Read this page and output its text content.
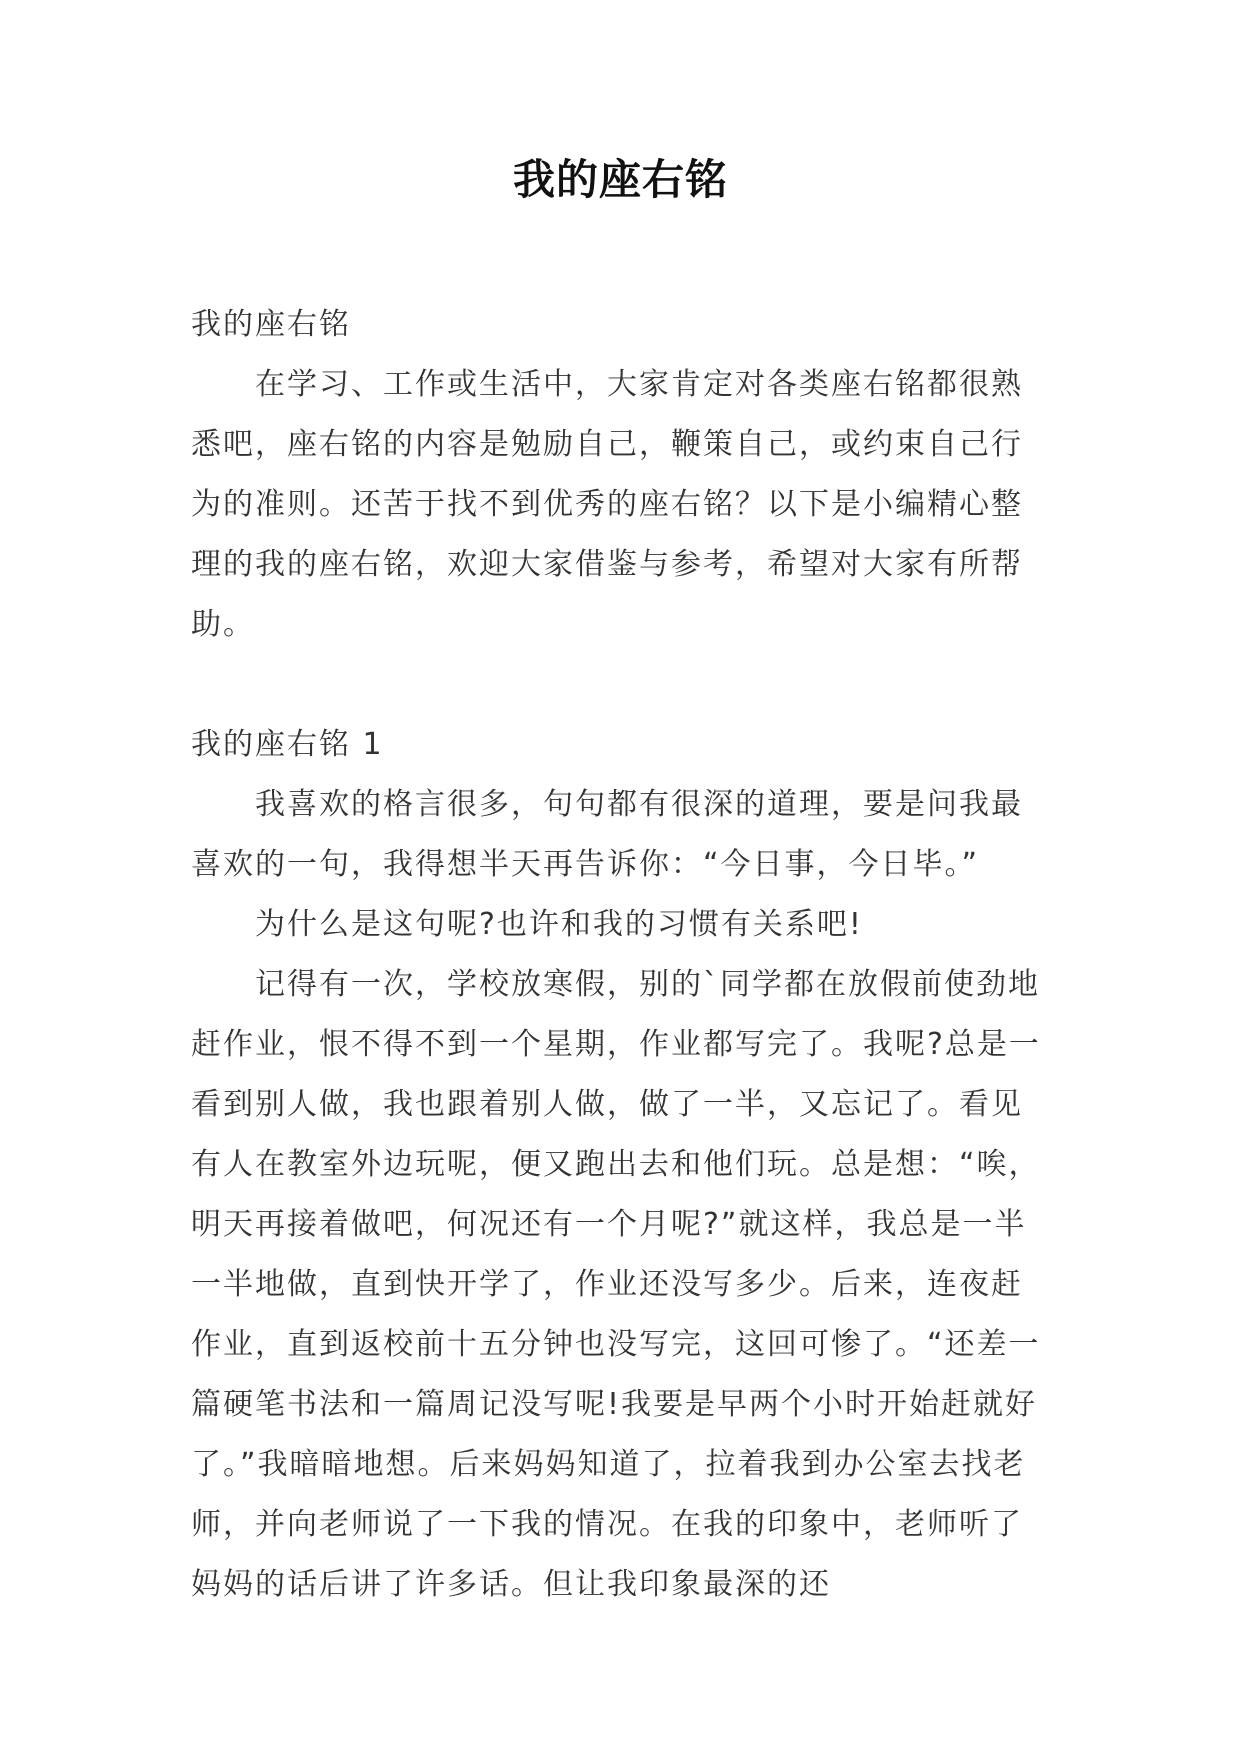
我的座右铭

我的座右铭

在学习、工作或生活中，大家肯定对各类座右铭都很熟悉吧，座右铭的内容是勉励自己，鞭策自己，或约束自己行为的准则。还苦于找不到优秀的座右铭？以下是小编精心整理的我的座右铭，欢迎大家借鉴与参考，希望对大家有所帮助。

我的座右铭 1

我喜欢的格言很多，句句都有很深的道理，要是问我最喜欢的一句，我得想半天再告诉你：“今日事，今日毕。”

为什么是这句呢?也许和我的习惯有关系吧!

记得有一次，学校放寒假，别的`同学都在放假前使劲地赶作业，恨不得不到一个星期，作业都写完了。我呢?总是一看到别人做，我也跟着别人做，做了一半，又忘记了。看见有人在教室外边玩呢，便又跑出去和他们玩。总是想：“唉，明天再接着做吧，何况还有一个月呢?”就这样，我总是一半一半地做，直到快开学了，作业还没写多少。后来，连夜赶作业，直到返校前十五分钟也没写完，这回可惨了。“还差一篇硬笔书法和一篇周记没写呢!我要是早两个小时开始赶就好了。”我暗暗地想。后来妈妈知道了，拉着我到办公室去找老师，并向老师说了一下我的情况。在我的印象中，老师听了妈妈的话后讲了许多话。但让我印象最深的还
